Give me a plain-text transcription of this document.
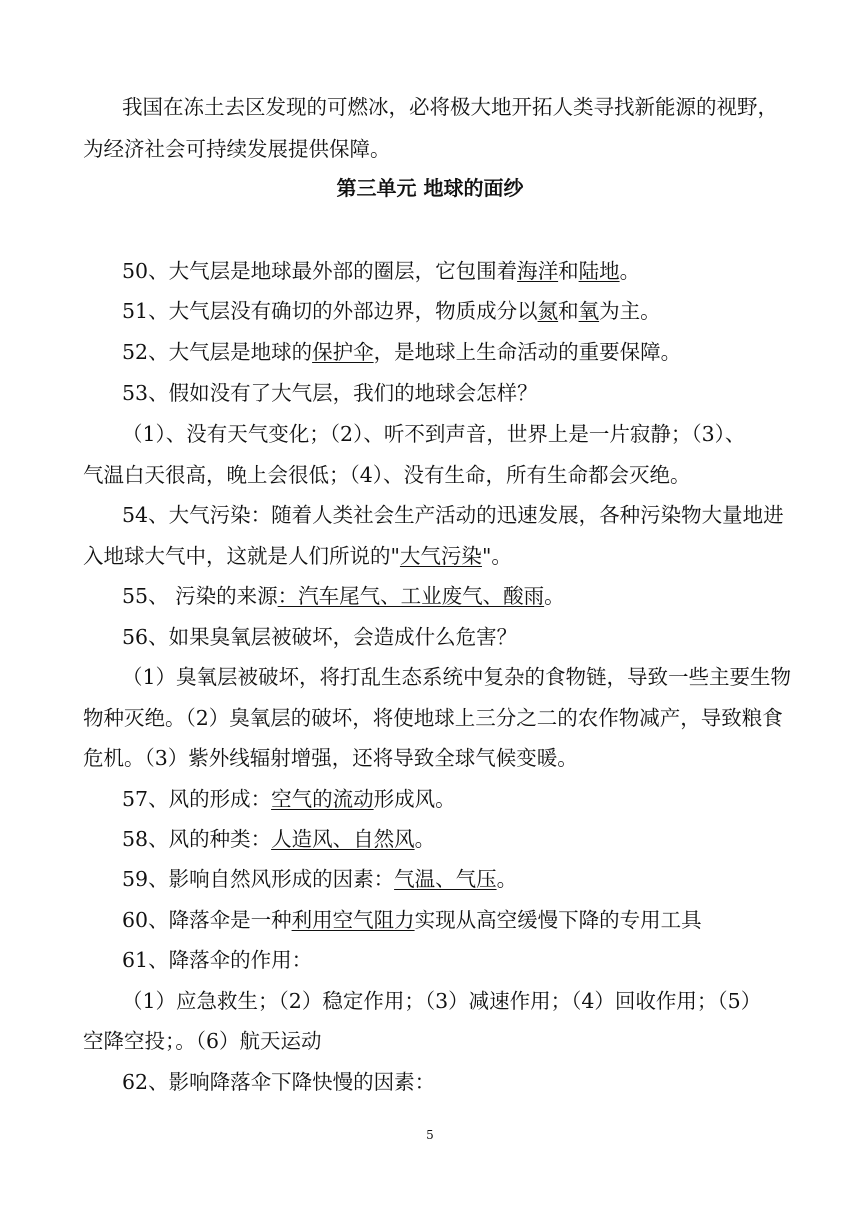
我国在冻土去区发现的可燃冰，必将极大地开拓人类寻找新能源的视野，
为经济社会可持续发展提供保障。
第三单元 地球的面纱
50、大气层是地球最外部的圈层，它包围着海洋和陆地。
51、大气层没有确切的外部边界，物质成分以氮和氧为主。
52、大气层是地球的保护伞，是地球上生命活动的重要保障。
53、假如没有了大气层，我们的地球会怎样？
（1）、没有天气变化；（2）、听不到声音，世界上是一片寂静；（3）、
气温白天很高，晚上会很低；（4）、没有生命，所有生命都会灭绝。
54、大气污染：随着人类社会生产活动的迅速发展，各种污染物大量地进
入地球大气中，这就是人们所说的"大气污染"。
55、 污染的来源：汽车尾气、工业废气、酸雨。
56、如果臭氧层被破坏，会造成什么危害？
（1）臭氧层被破坏，将打乱生态系统中复杂的食物链，导致一些主要生物
物种灭绝。（2）臭氧层的破坏，将使地球上三分之二的农作物减产，导致粮食
危机。（3）紫外线辐射增强，还将导致全球气候变暖。
57、风的形成：空气的流动形成风。
58、风的种类：人造风、自然风。
59、影响自然风形成的因素：气温、气压。
60、降落伞是一种利用空气阻力实现从高空缓慢下降的专用工具
61、降落伞的作用：
（1）应急救生；（2）稳定作用；（3）减速作用；（4）回收作用；（5）
空降空投；。（6）航天运动
62、影响降落伞下降快慢的因素：
5
